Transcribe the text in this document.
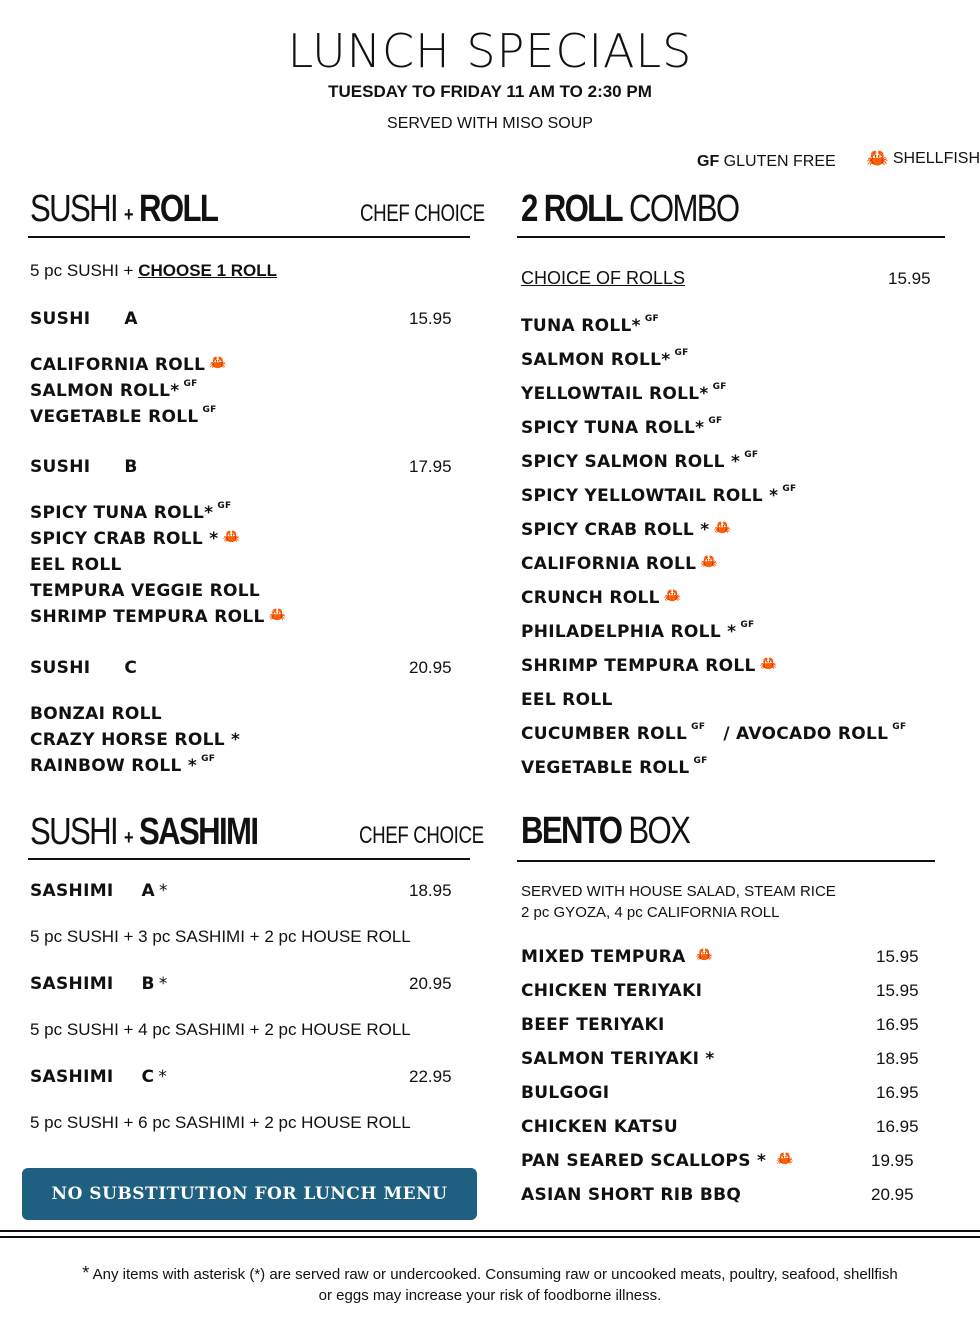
LUNCH SPECIALS
TUESDAY TO FRIDAY 11 AM TO 2:30 PM
SERVED WITH MISO SOUP
GF GLUTEN FREE 🦀 SHELLFISH
SUSHI + ROLL	CHEF CHOICE
5 pc SUSHI + CHOOSE 1 ROLL
SUSHI A	15.95
CALIFORNIA ROLL 🦀
SALMON ROLL* $^{GF}$
VEGETABLE ROLL $^{GF}$
SUSHI B	17.95
SPICY TUNA ROLL* $^{GF}$
SPICY CRAB ROLL * 🦀
EEL ROLL
TEMPURA VEGGIE ROLL
SHRIMP TEMPURA ROLL 🦀
SUSHI C	20.95
BONZAI ROLL
CRAZY HORSE ROLL *
RAINBOW ROLL * $^{GF}$
SUSHI + SASHIMI	CHEF CHOICE
SASHIMI A *	18.95
5 pc SUSHI + 3 pc SASHIMI + 2 pc HOUSE ROLL
SASHIMI B *	20.95
5 pc SUSHI + 4 pc SASHIMI + 2 pc HOUSE ROLL
SASHIMI C *	22.95
5 pc SUSHI + 6 pc SASHIMI + 2 pc HOUSE ROLL
NO SUBSTITUTION FOR LUNCH MENU
2 ROLL COMBO
CHOICE OF ROLLS	15.95
TUNA ROLL* $^{GF}$
SALMON ROLL* $^{GF}$
YELLOWTAIL ROLL* $^{GF}$
SPICY TUNA ROLL* $^{GF}$
SPICY SALMON ROLL * $^{GF}$
SPICY YELLOWTAIL ROLL * $^{GF}$
SPICY CRAB ROLL * 🦀
CALIFORNIA ROLL 🦀
CRUNCH ROLL 🦀
PHILADELPHIA ROLL * $^{GF}$
SHRIMP TEMPURA ROLL 🦀
EEL ROLL
CUCUMBER ROLL $^{GF}$ / AVOCADO ROLL $^{GF}$
VEGETABLE ROLL $^{GF}$
BENTO BOX
SERVED WITH HOUSE SALAD, STEAM RICE
2 pc GYOZA, 4 pc CALIFORNIA ROLL
MIXED TEMPURA 🦀	15.95
CHICKEN TERIYAKI	15.95
BEEF TERIYAKI	16.95
SALMON TERIYAKI *	18.95
BULGOGI	16.95
CHICKEN KATSU	16.95
PAN SEARED SCALLOPS * 🦀	19.95
ASIAN SHORT RIB BBQ	20.95
* Any items with asterisk (*) are served raw or undercooked. Consuming raw or uncooked meats, poultry, seafood, shellfish
or eggs may increase your risk of foodborne illness.
